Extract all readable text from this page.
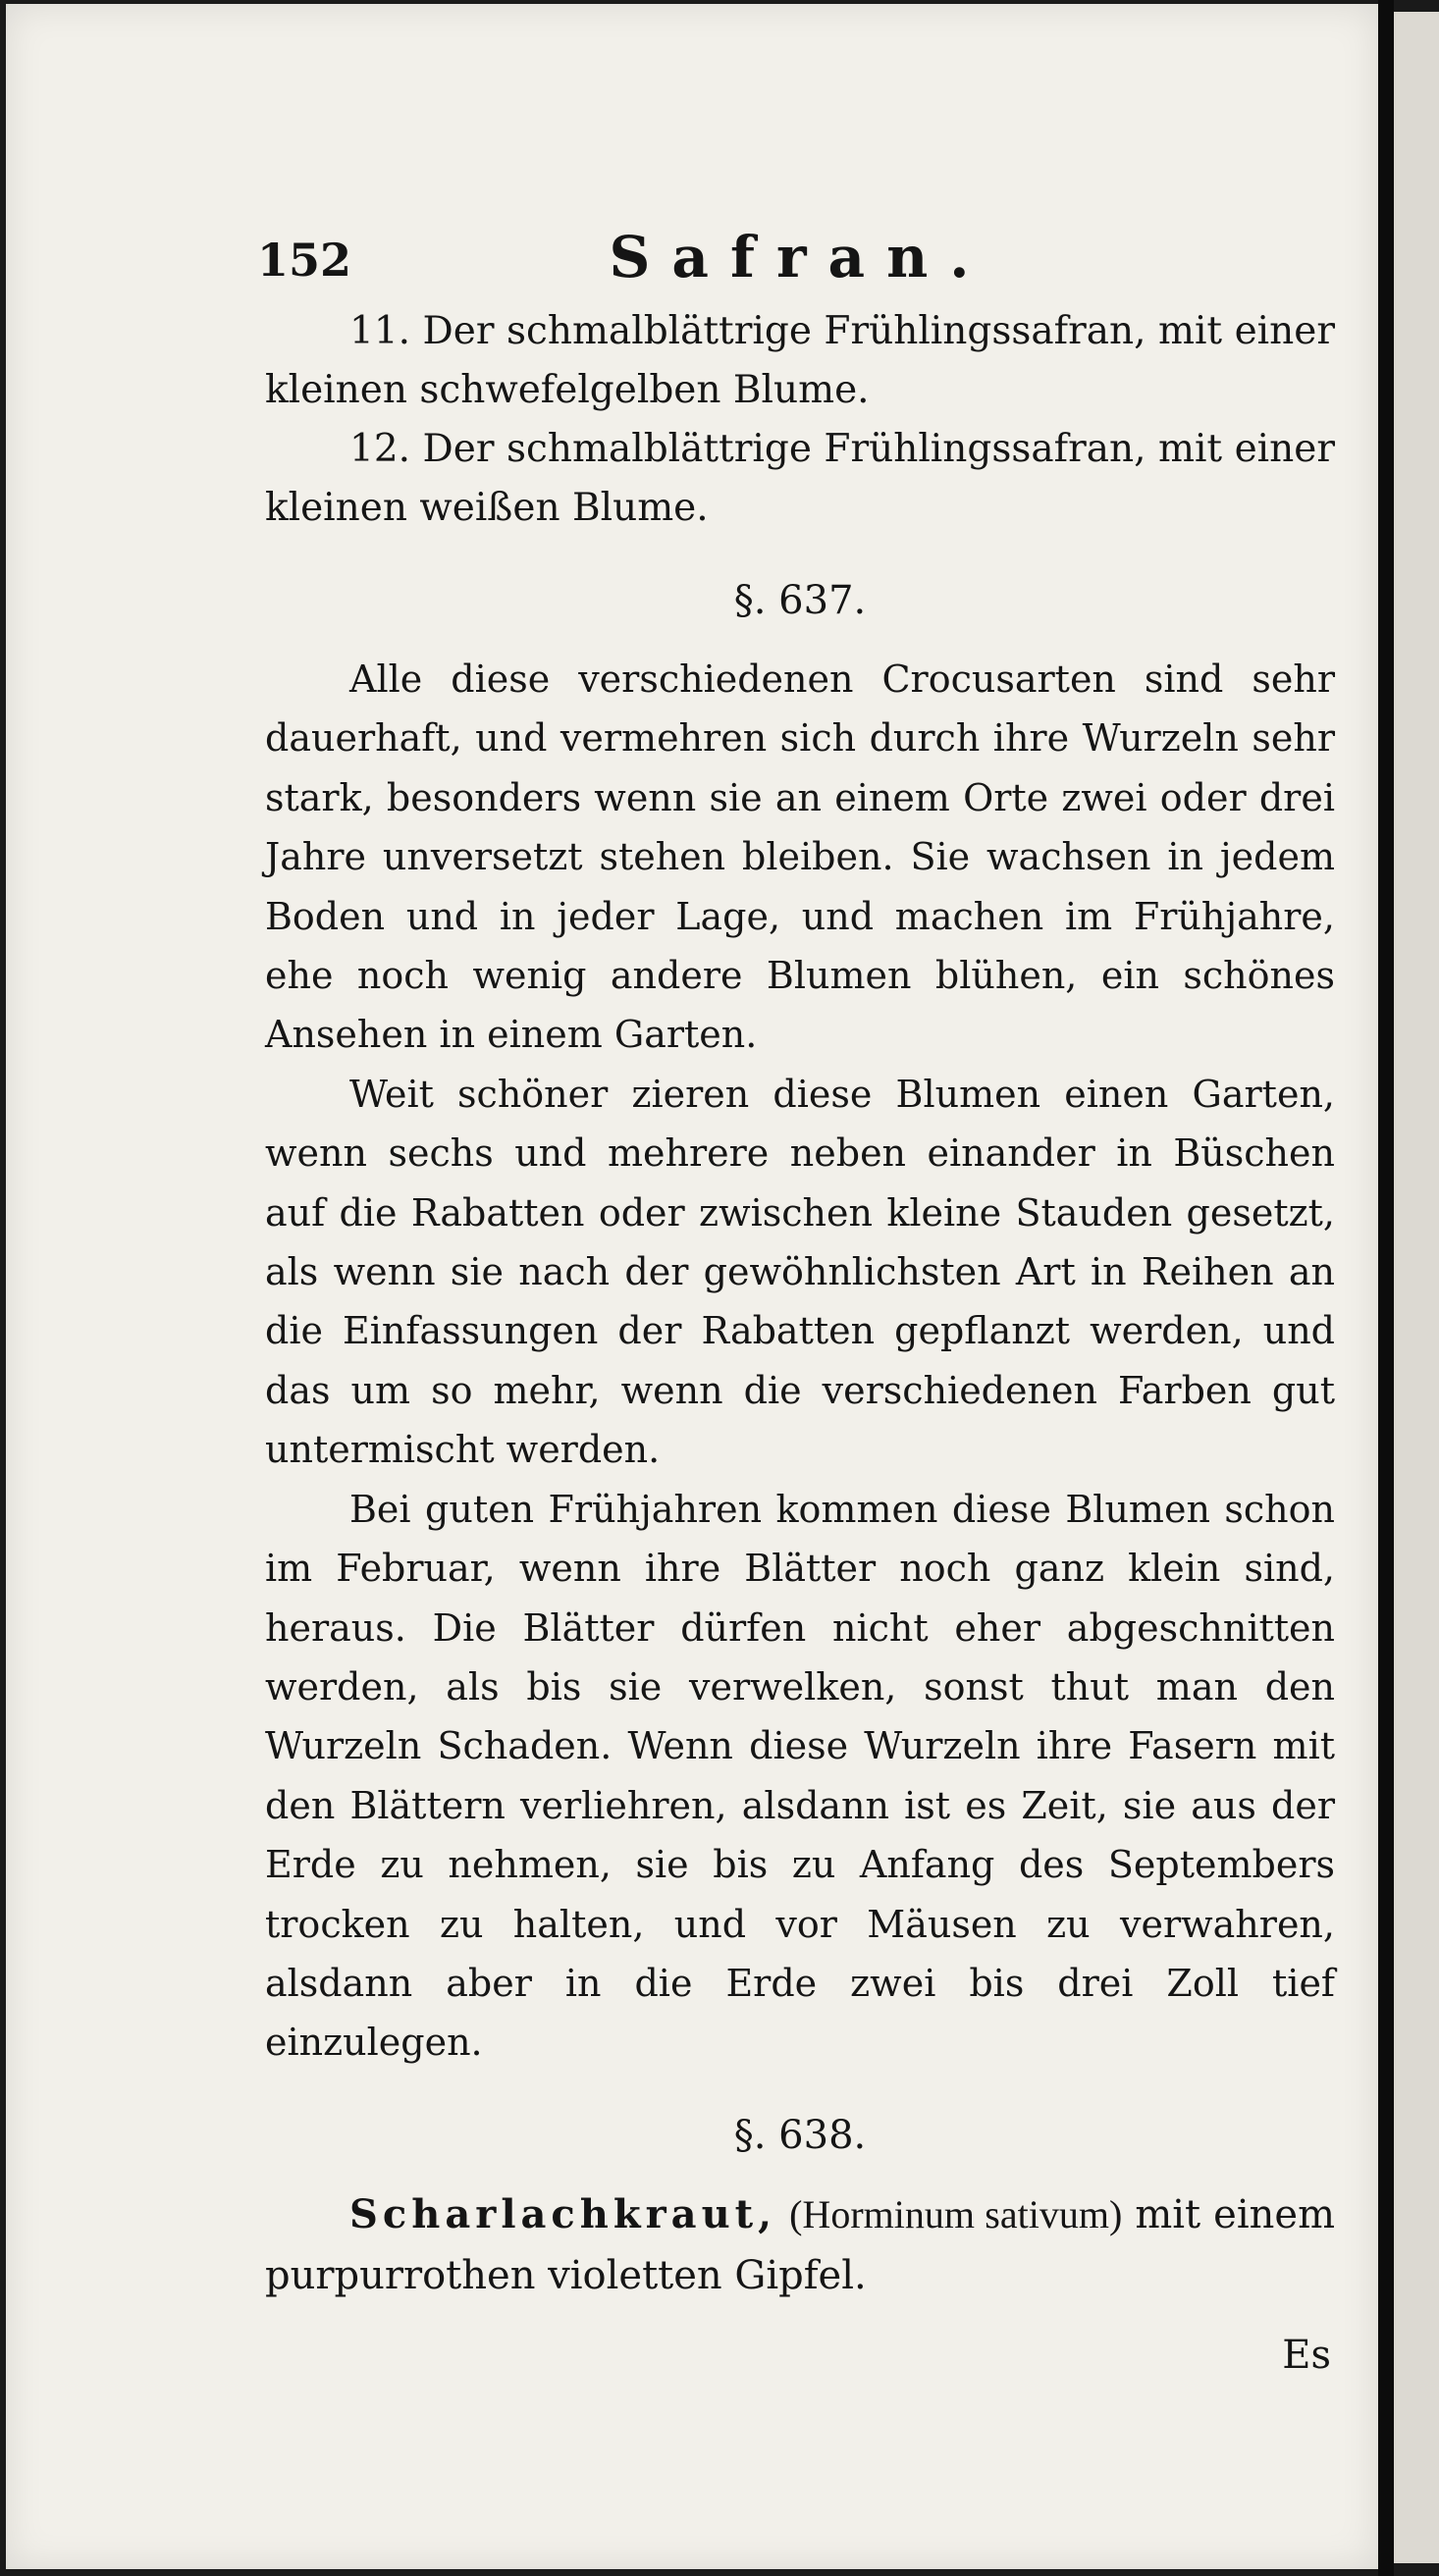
152	Safran.

11. Der schmalblättrige Frühlingssafran, mit einer kleinen schwefelgelben Blume.

12. Der schmalblättrige Frühlingssafran, mit einer kleinen weißen Blume.

§. 637.

Alle diese verschiedenen Crocusarten sind sehr dauerhaft, und vermehren sich durch ihre Wurzeln sehr stark, besonders wenn sie an einem Orte zwei oder drei Jahre unversetzt stehen bleiben. Sie wachsen in jedem Boden und in jeder Lage, und machen im Frühjahre, ehe noch wenig andere Blumen blühen, ein schönes Ansehen in einem Garten.

Weit schöner zieren diese Blumen einen Garten, wenn sechs und mehrere neben einander in Büschen auf die Rabatten oder zwischen kleine Stauden gesetzt, als wenn sie nach der gewöhnlichsten Art in Reihen an die Einfassungen der Rabatten gepflanzt werden, und das um so mehr, wenn die verschiedenen Farben gut untermischt werden.

Bei guten Frühjahren kommen diese Blumen schon im Februar, wenn ihre Blätter noch ganz klein sind, heraus. Die Blätter dürfen nicht eher abgeschnitten werden, als bis sie verwelken, sonst thut man den Wurzeln Schaden. Wenn diese Wurzeln ihre Fasern mit den Blättern verliehren, alsdann ist es Zeit, sie aus der Erde zu nehmen, sie bis zu Anfang des Septembers trocken zu halten, und vor Mäusen zu verwahren, alsdann aber in die Erde zwei bis drei Zoll tief einzulegen.

§. 638.

Scharlachkraut, (Horminum sativum) mit einem purpurrothen violetten Gipfel.

Es
